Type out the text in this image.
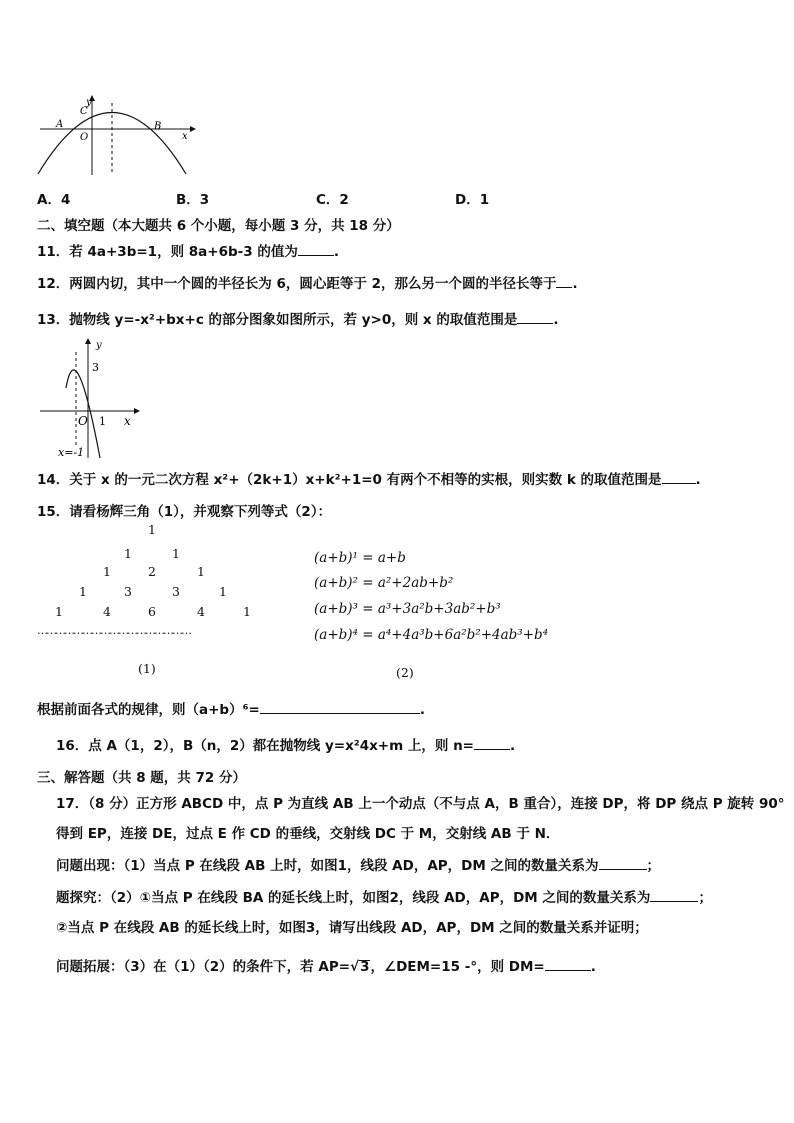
y
C
A
O
B
x
A．4	B．3	C．2	D．1
二、填空题（本大题共 6 个小题，每小题 3 分，共 18 分）
11．若 4a+3b=1，则 8a+6b-3 的值为	.
12．两圆内切，其中一个圆的半径长为 6，圆心距等于 2，那么另一个圆的半径长等于 .
13．抛物线 y=-x²+bx+c 的部分图象如图所示，若 y>0，则 x 的取值范围是	.
y
3
O 1 x
x=-1
14．关于 x 的一元二次方程 x²+（2k+1）x+k²+1=0 有两个不相等的实根，则实数 k 的取值范围是	.
15．请看杨辉三角（1），并观察下列等式（2）：
1
1	1
1	2	1
1	3	3	1
1	4	6	4	1
……………………………………………
(1)
(a+b)¹ = a+b
(a+b)² = a²+2ab+b²
(a+b)³ = a³+3a²b+3ab²+b³
(a+b)⁴ = a⁴+4a³b+6a²b²+4ab³+b⁴
(2)
根据前面各式的规律，则（a+b）⁶=	.
16．点 A（1，2），B（n，2）都在抛物线 y=x²4x+m 上，则 n=	.
三、解答题（共 8 题，共 72 分）
17．（8 分）正方形 ABCD 中，点 P 为直线 AB 上一个动点（不与点 A，B 重合），连接 DP，将 DP 绕点 P 旋转 90°
得到 EP，连接 DE，过点 E 作 CD 的垂线，交射线 DC 于 M，交射线 AB 于 N．
问题出现：（1）当点 P 在线段 AB 上时，如图1，线段 AD，AP，DM 之间的数量关系为	；
题探究：（2）①当点 P 在线段 BA 的延长线上时，如图2，线段 AD，AP，DM 之间的数量关系为	；
②当点 P 在线段 AB 的延长线上时，如图3，请写出线段 AD，AP，DM 之间的数量关系并证明；
问题拓展：（3）在（1）（2）的条件下，若 AP=√3，∠DEM=15 -°，则 DM=	.
